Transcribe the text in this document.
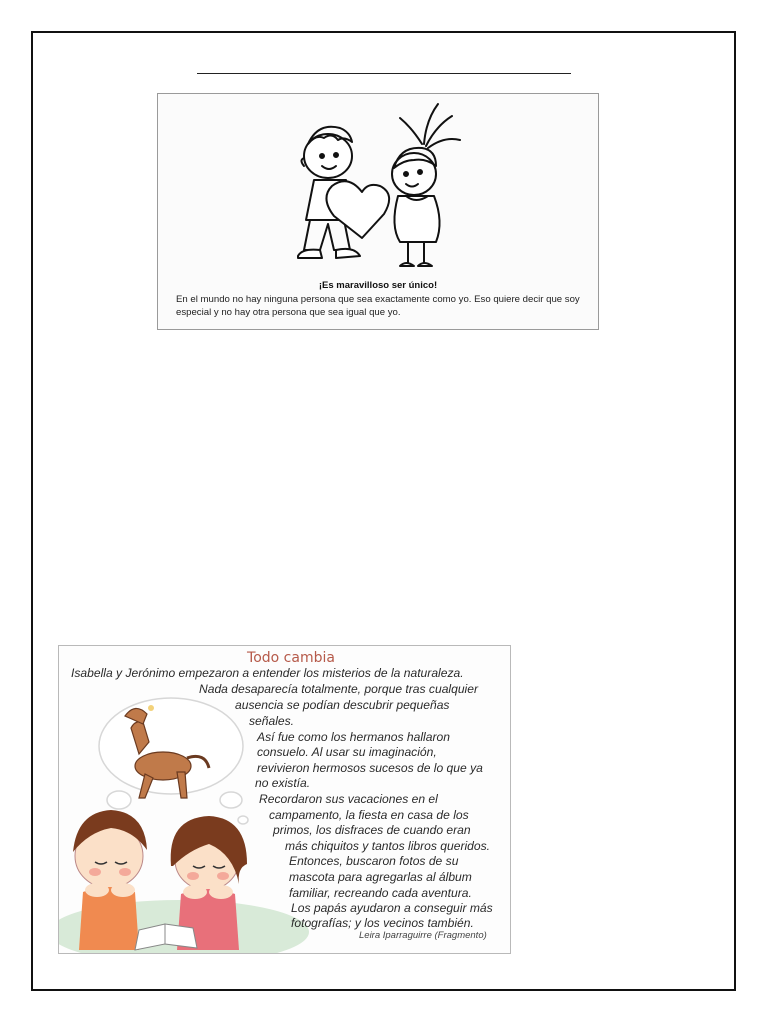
¡Es maravilloso ser único!
En el mundo no hay ninguna persona que sea exactamente como yo. Eso quiere decir que soy especial y no hay otra persona que sea igual que yo.
Todo cambia
Isabella y Jerónimo empezaron a entender los misterios de la naturaleza.
Nada desaparecía totalmente, porque tras cualquier
ausencia se podían descubrir pequeñas
señales.
Así fue como los hermanos hallaron
consuelo. Al usar su imaginación,
revivieron hermosos sucesos de lo que ya
no existía.
Recordaron sus vacaciones en el
campamento, la fiesta en casa de los
primos, los disfraces de cuando eran
más chiquitos y tantos libros queridos.
Entonces, buscaron fotos de su
mascota para agregarlas al álbum
familiar, recreando cada aventura.
Los papás ayudaron a conseguir más
fotografías; y los vecinos también.
Leira Iparraguirre (Fragmento)
